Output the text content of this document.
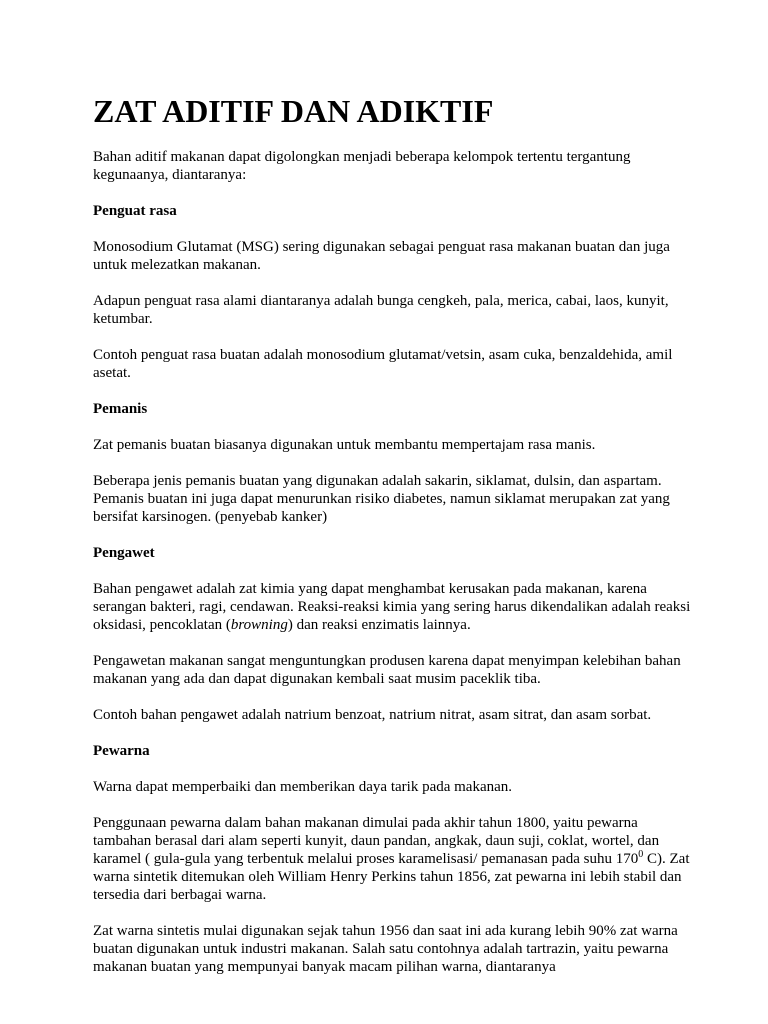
ZAT ADITIF DAN ADIKTIF

Bahan aditif makanan dapat digolongkan menjadi beberapa kelompok tertentu tergantung kegunaanya, diantaranya:

Penguat rasa

Monosodium Glutamat (MSG) sering digunakan sebagai penguat rasa makanan buatan dan juga untuk melezatkan makanan.

Adapun penguat rasa alami diantaranya adalah bunga cengkeh, pala, merica, cabai, laos, kunyit, ketumbar.

Contoh penguat rasa buatan adalah monosodium glutamat/vetsin, asam cuka, benzaldehida, amil asetat.

Pemanis

Zat pemanis buatan biasanya digunakan untuk membantu mempertajam rasa manis.

Beberapa jenis pemanis buatan yang digunakan adalah sakarin, siklamat, dulsin, dan aspartam. Pemanis buatan ini juga dapat menurunkan risiko diabetes, namun siklamat merupakan zat yang bersifat karsinogen. (penyebab kanker)

Pengawet

Bahan pengawet adalah zat kimia yang dapat menghambat kerusakan pada makanan, karena serangan bakteri, ragi, cendawan. Reaksi-reaksi kimia yang sering harus dikendalikan adalah reaksi oksidasi, pencoklatan (browning) dan reaksi enzimatis lainnya.

Pengawetan makanan sangat menguntungkan produsen karena dapat menyimpan kelebihan bahan makanan yang ada dan dapat digunakan kembali saat musim paceklik tiba.

Contoh bahan pengawet adalah natrium benzoat, natrium nitrat, asam sitrat, dan asam sorbat.

Pewarna

Warna dapat memperbaiki dan memberikan daya tarik pada makanan.

Penggunaan pewarna dalam bahan makanan dimulai pada akhir tahun 1800, yaitu pewarna tambahan berasal dari alam seperti kunyit, daun pandan, angkak, daun suji, coklat, wortel, dan karamel ( gula-gula yang terbentuk melalui proses karamelisasi/ pemanasan pada suhu $170^0$ C). Zat warna sintetik ditemukan oleh William Henry Perkins tahun 1856, zat pewarna ini lebih stabil dan tersedia dari berbagai warna.

Zat warna sintetis mulai digunakan sejak tahun 1956 dan saat ini ada kurang lebih 90% zat warna buatan digunakan untuk industri makanan. Salah satu contohnya adalah tartrazin, yaitu pewarna makanan buatan yang mempunyai banyak macam pilihan warna, diantaranya
